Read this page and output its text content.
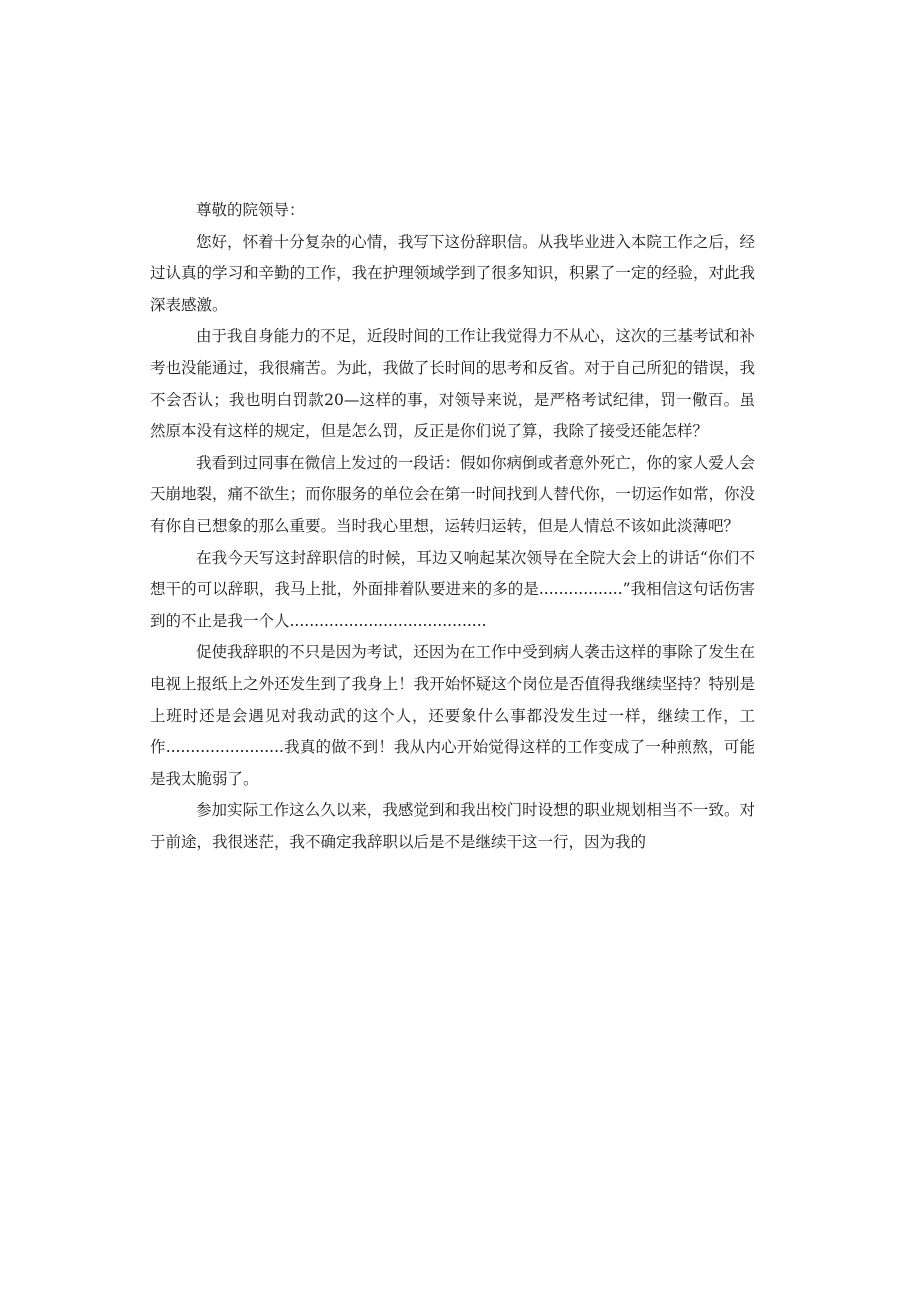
尊敬的院领导：

您好，怀着十分复杂的心情，我写下这份辞职信。从我毕业进入本院工作之后，经过认真的学习和辛勤的工作，我在护理领域学到了很多知识，积累了一定的经验，对此我深表感激。

由于我自身能力的不足，近段时间的工作让我觉得力不从心，这次的三基考试和补考也没能通过，我很痛苦。为此，我做了长时间的思考和反省。对于自己所犯的错误，我不会否认；我也明白罚款20—这样的事，对领导来说，是严格考试纪律，罚一儆百。虽然原本没有这样的规定，但是怎么罚，反正是你们说了算，我除了接受还能怎样？

我看到过同事在微信上发过的一段话：假如你病倒或者意外死亡，你的家人爱人会天崩地裂，痛不欲生；而你服务的单位会在第一时间找到人替代你，一切运作如常，你没有你自已想象的那么重要。当时我心里想，运转归运转，但是人情总不该如此淡薄吧？

在我今天写这封辞职信的时候，耳边又响起某次领导在全院大会上的讲话“你们不想干的可以辞职，我马上批，外面排着队要进来的多的是.................”我相信这句话伤害到的不止是我一个人........................................

促使我辞职的不只是因为考试，还因为在工作中受到病人袭击这样的事除了发生在电视上报纸上之外还发生到了我身上！我开始怀疑这个岗位是否值得我继续坚持？特别是上班时还是会遇见对我动武的这个人，还要象什么事都没发生过一样，继续工作，工作........................我真的做不到！我从内心开始觉得这样的工作变成了一种煎熬，可能是我太脆弱了。

参加实际工作这么久以来，我感觉到和我出校门时设想的职业规划相当不一致。对于前途，我很迷茫，我不确定我辞职以后是不是继续干这一行，因为我的
